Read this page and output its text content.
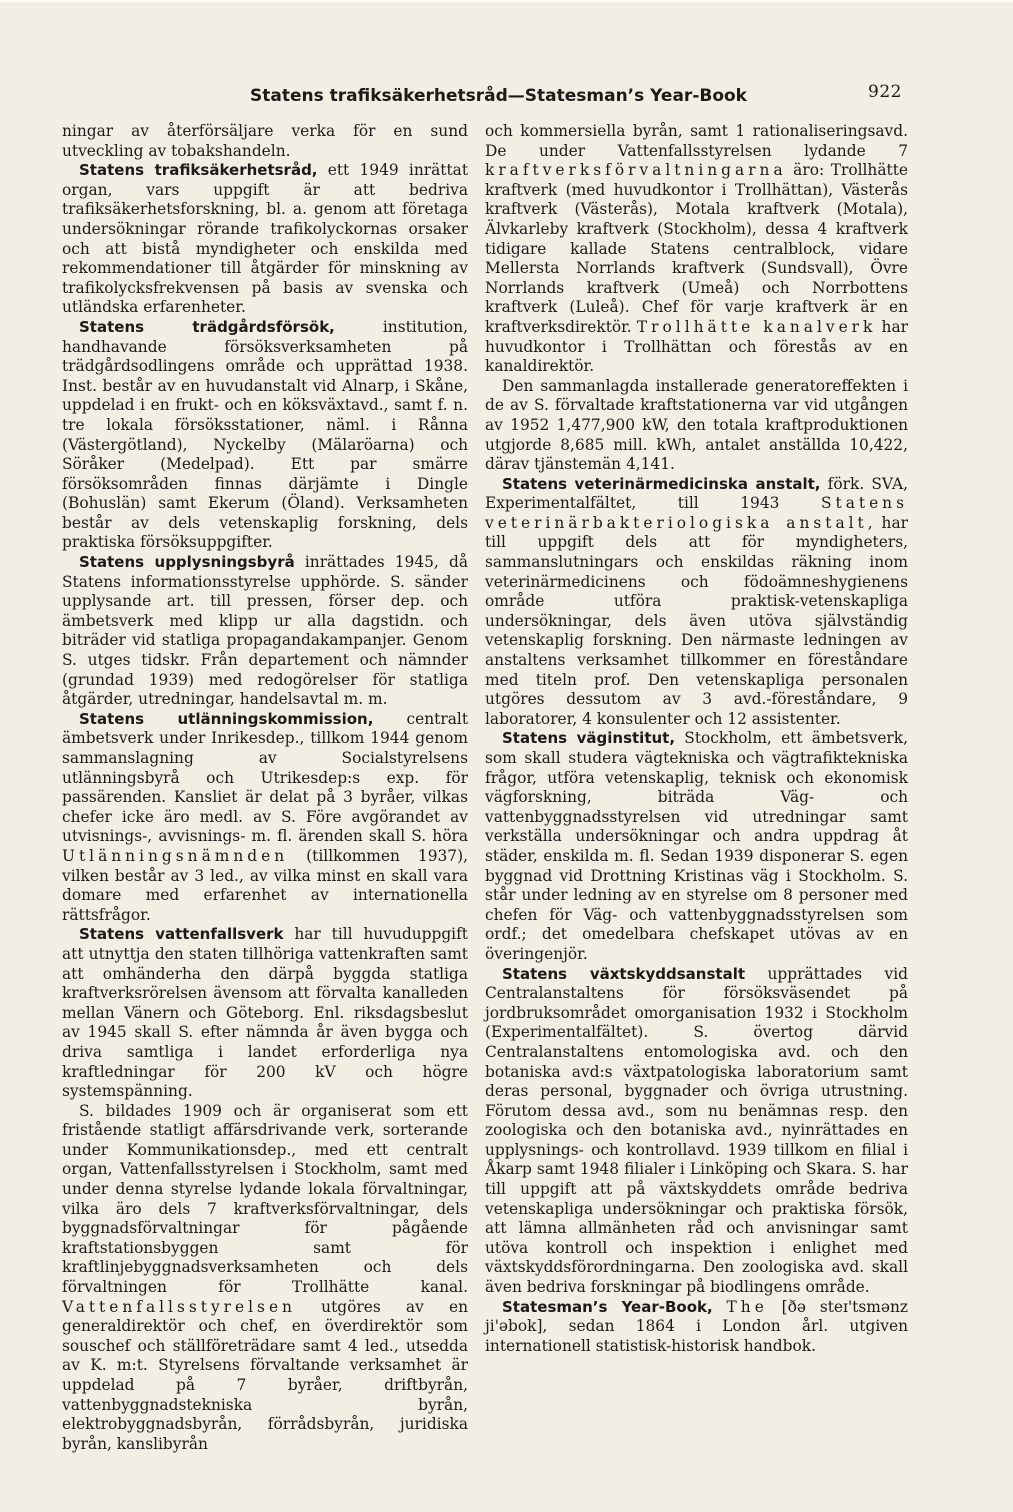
Statens trafiksäkerhetsråd—Statesman’s Year-Book	922

ningar av återförsäljare verka för en sund utveckling av tobakshandeln.

Statens trafiksäkerhetsråd, ett 1949 inrättat organ, vars uppgift är att bedriva trafiksäkerhetsforskning, bl. a. genom att företaga undersökningar rörande trafikolyckornas orsaker och att bistå myndigheter och enskilda med rekommendationer till åtgärder för minskning av trafikolycksfrekvensen på basis av svenska och utländska erfarenheter.

Statens trädgårdsförsök, institution, handhavande försöksverksamheten på trädgårdsodlingens område och upprättad 1938. Inst. består av en huvudanstalt vid Alnarp, i Skåne, uppdelad i en frukt- och en köksväxtavd., samt f. n. tre lokala försöksstationer, näml. i Rånna (Västergötland), Nyckelby (Mälaröarna) och Söråker (Medelpad). Ett par smärre försöksområden finnas därjämte i Dingle (Bohuslän) samt Ekerum (Öland). Verksamheten består av dels vetenskaplig forskning, dels praktiska försöksuppgifter.

Statens upplysningsbyrå inrättades 1945, då Statens informationsstyrelse upphörde. S. sänder upplysande art. till pressen, förser dep. och ämbetsverk med klipp ur alla dagstidn. och biträder vid statliga propagandakampanjer. Genom S. utges tidskr. Från departement och nämnder (grundad 1939) med redogörelser för statliga åtgärder, utredningar, handelsavtal m. m.

Statens utlänningskommission, centralt ämbetsverk under Inrikesdep., tillkom 1944 genom sammanslagning av Socialstyrelsens utlänningsbyrå och Utrikesdep:s exp. för passärenden. Kansliet är delat på 3 byråer, vilkas chefer icke äro medl. av S. Före avgörandet av utvisnings-, avvisnings- m. fl. ärenden skall S. höra Utlänningsnämnden (tillkommen 1937), vilken består av 3 led., av vilka minst en skall vara domare med erfarenhet av internationella rättsfrågor.

Statens vattenfallsverk har till huvuduppgift att utnyttja den staten tillhöriga vattenkraften samt att omhänderha den därpå byggda statliga kraftverksrörelsen ävensom att förvalta kanalleden mellan Vänern och Göteborg. Enl. riksdagsbeslut av 1945 skall S. efter nämnda år även bygga och driva samtliga i landet erforderliga nya kraftledningar för 200 kV och högre systemspänning.

S. bildades 1909 och är organiserat som ett fristående statligt affärsdrivande verk, sorterande under Kommunikationsdep., med ett centralt organ, Vattenfallsstyrelsen i Stockholm, samt med under denna styrelse lydande lokala förvaltningar, vilka äro dels 7 kraftverksförvaltningar, dels byggnadsförvaltningar för pågående kraftstationsbyggen samt för kraftlinjebyggnadsverksamheten och dels förvaltningen för Trollhätte kanal. Vattenfallsstyrelsen utgöres av en generaldirektör och chef, en överdirektör som souschef och ställföreträdare samt 4 led., utsedda av K. m:t. Styrelsens förvaltande verksamhet är uppdelad på 7 byråer, driftbyrån, vattenbyggnadstekniska byrån, elektrobyggnadsbyrån, förrådsbyrån, juridiska byrån, kanslibyrån

och kommersiella byrån, samt 1 rationaliseringsavd. De under Vattenfallsstyrelsen lydande 7 kraftverksförvaltningarna äro: Trollhätte kraftverk (med huvudkontor i Trollhättan), Västerås kraftverk (Västerås), Motala kraftverk (Motala), Älvkarleby kraftverk (Stockholm), dessa 4 kraftverk tidigare kallade Statens centralblock, vidare Mellersta Norrlands kraftverk (Sundsvall), Övre Norrlands kraftverk (Umeå) och Norrbottens kraftverk (Luleå). Chef för varje kraftverk är en kraftverksdirektör. Trollhätte kanalverk har huvudkontor i Trollhättan och förestås av en kanaldirektör.

Den sammanlagda installerade generatoreffekten i de av S. förvaltade kraftstationerna var vid utgången av 1952 1,477,900 kW, den totala kraftproduktionen utgjorde 8,685 mill. kWh, antalet anställda 10,422, därav tjänstemän 4,141.

Statens veterinärmedicinska anstalt, förk. SVA, Experimentalfältet, till 1943 Statens veterinärbakteriologiska anstalt, har till uppgift dels att för myndigheters, sammanslutningars och enskildas räkning inom veterinärmedicinens och födoämneshygienens område utföra praktisk-vetenskapliga undersökningar, dels även utöva självständig vetenskaplig forskning. Den närmaste ledningen av anstaltens verksamhet tillkommer en föreståndare med titeln prof. Den vetenskapliga personalen utgöres dessutom av 3 avd.-föreståndare, 9 laboratorer, 4 konsulenter och 12 assistenter.

Statens väginstitut, Stockholm, ett ämbetsverk, som skall studera vägtekniska och vägtrafiktekniska frågor, utföra vetenskaplig, teknisk och ekonomisk vägforskning, biträda Väg- och vattenbyggnadsstyrelsen vid utredningar samt verkställa undersökningar och andra uppdrag åt städer, enskilda m. fl. Sedan 1939 disponerar S. egen byggnad vid Drottning Kristinas väg i Stockholm. S. står under ledning av en styrelse om 8 personer med chefen för Väg- och vattenbyggnadsstyrelsen som ordf.; det omedelbara chefskapet utövas av en överingenjör.

Statens växtskyddsanstalt upprättades vid Centralanstaltens för försöksväsendet på jordbruksområdet omorganisation 1932 i Stockholm (Experimentalfältet). S. övertog därvid Centralanstaltens entomologiska avd. och den botaniska avd:s växtpatologiska laboratorium samt deras personal, byggnader och övriga utrustning. Förutom dessa avd., som nu benämnas resp. den zoologiska och den botaniska avd., nyinrättades en upplysnings- och kontrollavd. 1939 tillkom en filial i Åkarp samt 1948 filialer i Linköping och Skara. S. har till uppgift att på växtskyddets område bedriva vetenskapliga undersökningar och praktiska försök, att lämna allmänheten råd och anvisningar samt utöva kontroll och inspektion i enlighet med växtskyddsförordningarna. Den zoologiska avd. skall även bedriva forskningar på biodlingens område.

Statesman’s Year-Book, The [ðə steɪ'tsmənz ji'əbok], sedan 1864 i London årl. utgiven internationell statistisk-historisk handbok.
